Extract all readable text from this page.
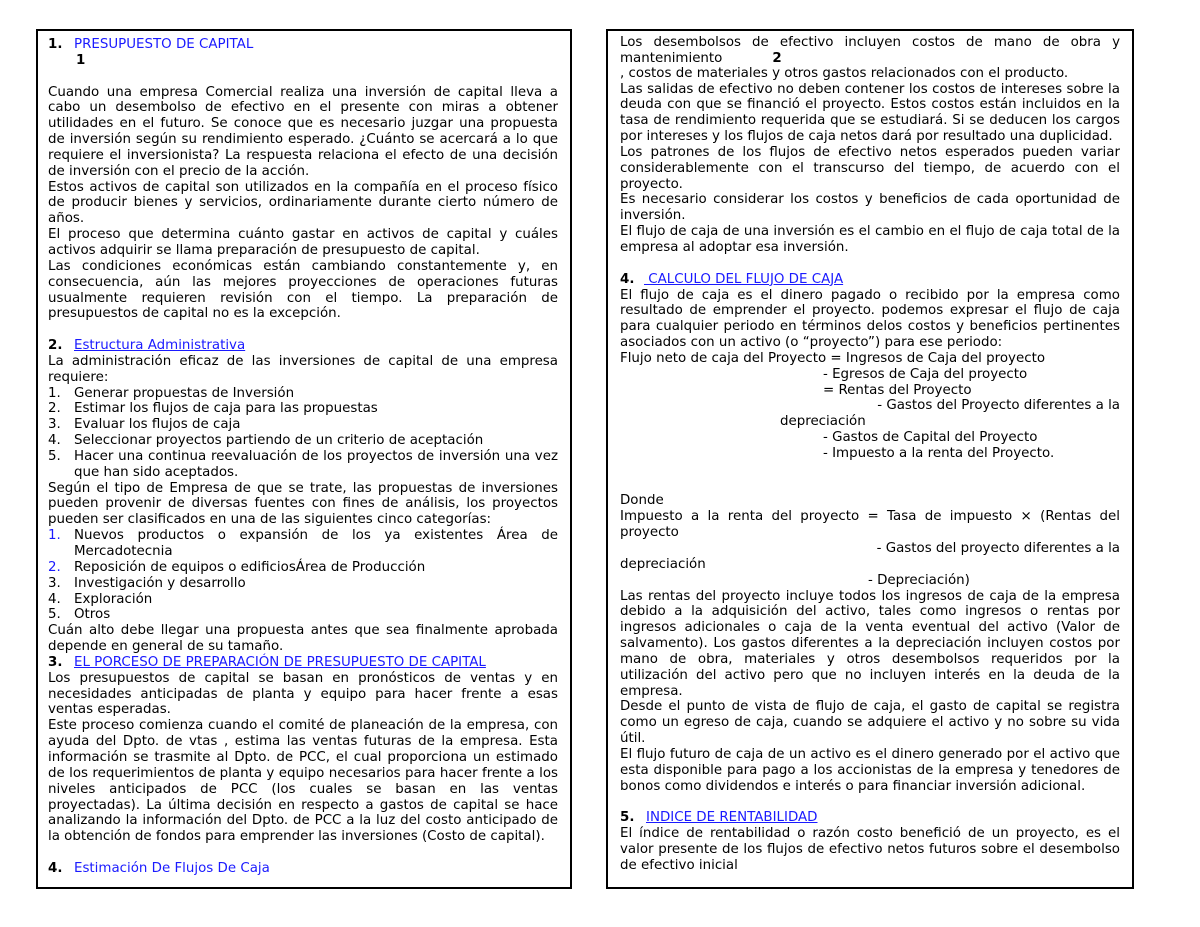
1. PRESUPUESTO DE CAPITAL
1

Cuando una empresa Comercial realiza una inversión de capital lleva a cabo un desembolso de efectivo en el presente con miras a obtener utilidades en el futuro. Se conoce que es necesario juzgar una propuesta de inversión según su rendimiento esperado. ¿Cuánto se acercará a lo que requiere el inversionista? La respuesta relaciona el efecto de una decisión de inversión con el precio de la acción.

Estos activos de capital son utilizados en la compañía en el proceso físico de producir bienes y servicios, ordinariamente durante cierto número de años.

El proceso que determina cuánto gastar en activos de capital y cuáles activos adquirir se llama preparación de presupuesto de capital.

Las condiciones económicas están cambiando constantemente y, en consecuencia, aún las mejores proyecciones de operaciones futuras usualmente requieren revisión con el tiempo. La preparación de presupuestos de capital no es la excepción.

2. Estructura Administrativa

La administración eficaz de las inversiones de capital de una empresa requiere:

1. Generar propuestas de Inversión
2. Estimar los flujos de caja para las propuestas
3. Evaluar los flujos de caja
4. Seleccionar proyectos partiendo de un criterio de aceptación
5. Hacer una continua reevaluación de los proyectos de inversión una vez que han sido aceptados.

Según el tipo de Empresa de que se trate, las propuestas de inversiones pueden provenir de diversas fuentes con fines de análisis, los proyectos pueden ser clasificados en una de las siguientes cinco categorías:

1. Nuevos productos o expansión de los ya existentes Área de Mercadotecnia
2. Reposición de equipos o edificiosÁrea de Producción
3. Investigación y desarrollo
4. Exploración
5. Otros

Cuán alto debe llegar una propuesta antes que sea finalmente aprobada depende en general de su tamaño.

3. EL PORCESO DE PREPARACIÓN DE PRESUPUESTO DE CAPITAL

Los presupuestos de capital se basan en pronósticos de ventas y en necesidades anticipadas de planta y equipo para hacer frente a esas ventas esperadas.

Este proceso comienza cuando el comité de planeación de la empresa, con ayuda del Dpto. de vtas , estima las ventas futuras de la empresa. Esta información se trasmite al Dpto. de PCC, el cual proporciona un estimado de los requerimientos de planta y equipo necesarios para hacer frente a los niveles anticipados de PCC (los cuales se basan en las ventas proyectadas). La última decisión en respecto a gastos de capital se hace analizando la información del Dpto. de PCC a la luz del costo anticipado de la obtención de fondos para emprender las inversiones (Costo de capital).

4. Estimación De Flujos De Caja

Los desembolsos de efectivo incluyen costos de mano de obra y mantenimiento	2

, costos de materiales y otros gastos relacionados con el producto.

Las salidas de efectivo no deben contener los costos de intereses sobre la deuda con que se financió el proyecto. Estos costos están incluidos en la tasa de rendimiento requerida que se estudiará. Si se deducen los cargos por intereses y los flujos de caja netos dará por resultado una duplicidad.

Los patrones de los flujos de efectivo netos esperados pueden variar considerablemente con el transcurso del tiempo, de acuerdo con el proyecto.

Es necesario considerar los costos y beneficios de cada oportunidad de inversión.

El flujo de caja de una inversión es el cambio en el flujo de caja total de la empresa al adoptar esa inversión.

4. CALCULO DEL FLUJO DE CAJA

El flujo de caja es el dinero pagado o recibido por la empresa como resultado de emprender el proyecto. podemos expresar el flujo de caja para cualquier periodo en términos delos costos y beneficios pertinentes asociados con un activo (o “proyecto”) para ese periodo:

Flujo neto de caja del Proyecto = Ingresos de Caja del proyecto
- Egresos de Caja del proyecto
= Rentas del Proyecto
- Gastos del Proyecto diferentes a la
depreciación
- Gastos de Capital del Proyecto
- Impuesto a la renta del Proyecto.
Donde

Impuesto a la renta del proyecto = Tasa de impuesto × (Rentas del proyecto

- Gastos del proyecto diferentes a la
depreciación
- Depreciación)

Las rentas del proyecto incluye todos los ingresos de caja de la empresa debido a la adquisición del activo, tales como ingresos o rentas por ingresos adicionales o caja de la venta eventual del activo (Valor de salvamento). Los gastos diferentes a la depreciación incluyen costos por mano de obra, materiales y otros desembolsos requeridos por la utilización del activo pero que no incluyen interés en la deuda de la empresa.

Desde el punto de vista de flujo de caja, el gasto de capital se registra como un egreso de caja, cuando se adquiere el activo y no sobre su vida útil.

El flujo futuro de caja de un activo es el dinero generado por el activo que esta disponible para pago a los accionistas de la empresa y tenedores de bonos como dividendos e interés o para financiar inversión adicional.

5. INDICE DE RENTABILIDAD

El índice de rentabilidad o razón costo benefició de un proyecto, es el valor presente de los flujos de efectivo netos futuros sobre el desembolso de efectivo inicial
